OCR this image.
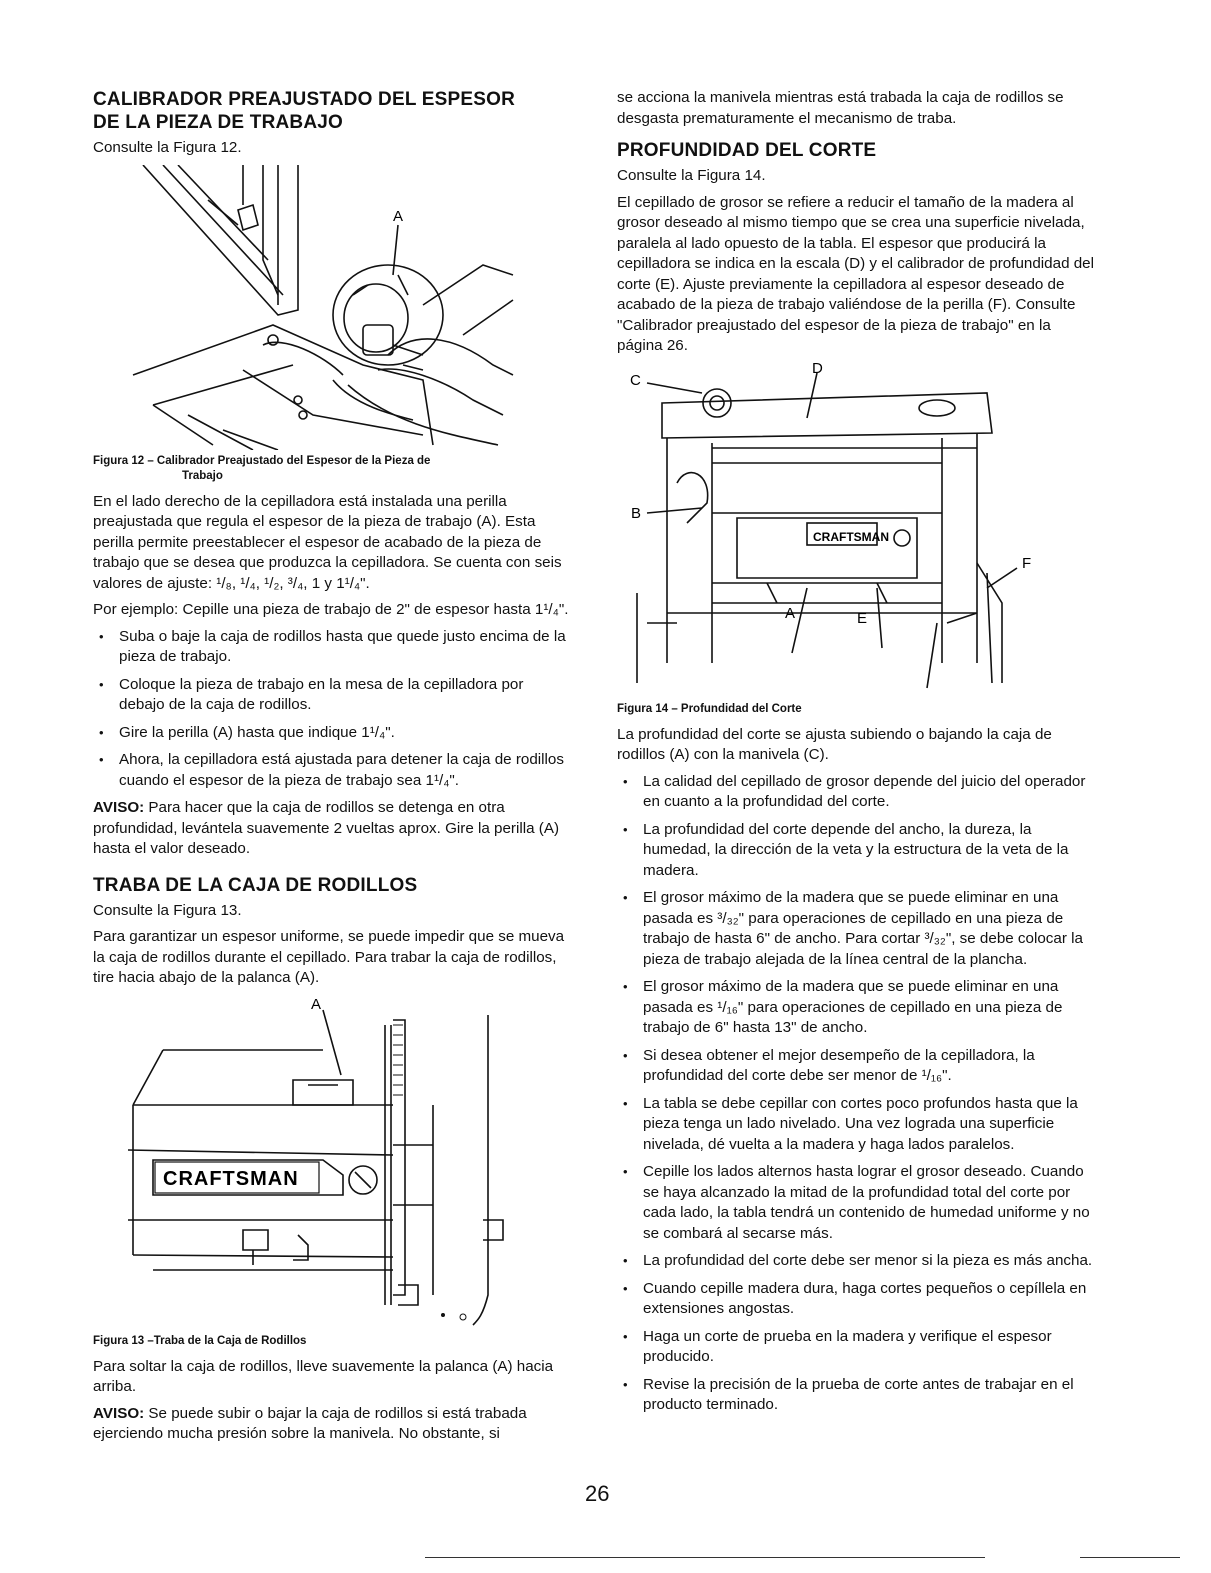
CALIBRADOR PREAJUSTADO DEL ESPESOR
DE LA PIEZA DE TRABAJO

Consulte la Figura 12.

A
Figura 12 – Calibrador Preajustado del Espesor de la Pieza de
Trabajo

En el lado derecho de la cepilladora está instalada una perilla preajustada que regula el espesor de la pieza de trabajo (A). Esta perilla permite preestablecer el espesor de acabado de la pieza de trabajo que se desea que produzca la cepilladora. Se cuenta con seis valores de ajuste: ¹/₈, ¹/₄, ¹/₂, ³/₄, 1 y 1¹/₄".

Por ejemplo: Cepille una pieza de trabajo de 2" de espesor hasta 1¹/₄".

• Suba o baje la caja de rodillos hasta que quede justo encima de la pieza de trabajo.
• Coloque la pieza de trabajo en la mesa de la cepilladora por debajo de la caja de rodillos.
• Gire la perilla (A) hasta que indique 1¹/₄".
• Ahora, la cepilladora está ajustada para detener la caja de rodillos cuando el espesor de la pieza de trabajo sea 1¹/₄".

AVISO: Para hacer que la caja de rodillos se detenga en otra profundidad, levántela suavemente 2 vueltas aprox. Gire la perilla (A) hasta el valor deseado.

TRABA DE LA CAJA DE RODILLOS

Consulte la Figura 13.

Para garantizar un espesor uniforme, se puede impedir que se mueva la caja de rodillos durante el cepillado. Para trabar la caja de rodillos, tire hacia abajo de la palanca (A).

CRAFTSMAN
A
Figura 13 –Traba de la Caja de Rodillos

Para soltar la caja de rodillos, lleve suavemente la palanca (A) hacia arriba.

AVISO: Se puede subir o bajar la caja de rodillos si está trabada ejerciendo mucha presión sobre la manivela. No obstante, si

se acciona la manivela mientras está trabada la caja de rodillos se desgasta prematuramente el mecanismo de traba.

PROFUNDIDAD DEL CORTE

Consulte la Figura 14.

El cepillado de grosor se refiere a reducir el tamaño de la madera al grosor deseado al mismo tiempo que se crea una superficie nivelada, paralela al lado opuesto de la tabla. El espesor que producirá la cepilladora se indica en la escala (D) y el calibrador de profundidad del corte (E). Ajuste previamente la cepilladora al espesor deseado de acabado de la pieza de trabajo valiéndose de la perilla (F). Consulte "Calibrador preajustado del espesor de la pieza de trabajo" en la página 26.

CRAFTSMAN
C
D
B
F
A	E
Figura 14 – Profundidad del Corte

La profundidad del corte se ajusta subiendo o bajando la caja de rodillos (A) con la manivela (C).

• La calidad del cepillado de grosor depende del juicio del operador en cuanto a la profundidad del corte.
• La profundidad del corte depende del ancho, la dureza, la humedad, la dirección de la veta y la estructura de la veta de la madera.
• El grosor máximo de la madera que se puede eliminar en una pasada es ³/₃₂" para operaciones de cepillado en una pieza de trabajo de hasta 6" de ancho. Para cortar ³/₃₂", se debe colocar la pieza de trabajo alejada de la línea central de la plancha.
• El grosor máximo de la madera que se puede eliminar en una pasada es ¹/₁₆" para operaciones de cepillado en una pieza de trabajo de 6" hasta 13" de ancho.
• Si desea obtener el mejor desempeño de la cepilladora, la profundidad del corte debe ser menor de ¹/₁₆".
• La tabla se debe cepillar con cortes poco profundos hasta que la pieza tenga un lado nivelado. Una vez lograda una superficie nivelada, dé vuelta a la madera y haga lados paralelos.
• Cepille los lados alternos hasta lograr el grosor deseado. Cuando se haya alcanzado la mitad de la profundidad total del corte por cada lado, la tabla tendrá un contenido de humedad uniforme y no se combará al secarse más.
• La profundidad del corte debe ser menor si la pieza es más ancha.
• Cuando cepille madera dura, haga cortes pequeños o cepíllela en extensiones angostas.
• Haga un corte de prueba en la madera y verifique el espesor producido.
• Revise la precisión de la prueba de corte antes de trabajar en el producto terminado.
26
